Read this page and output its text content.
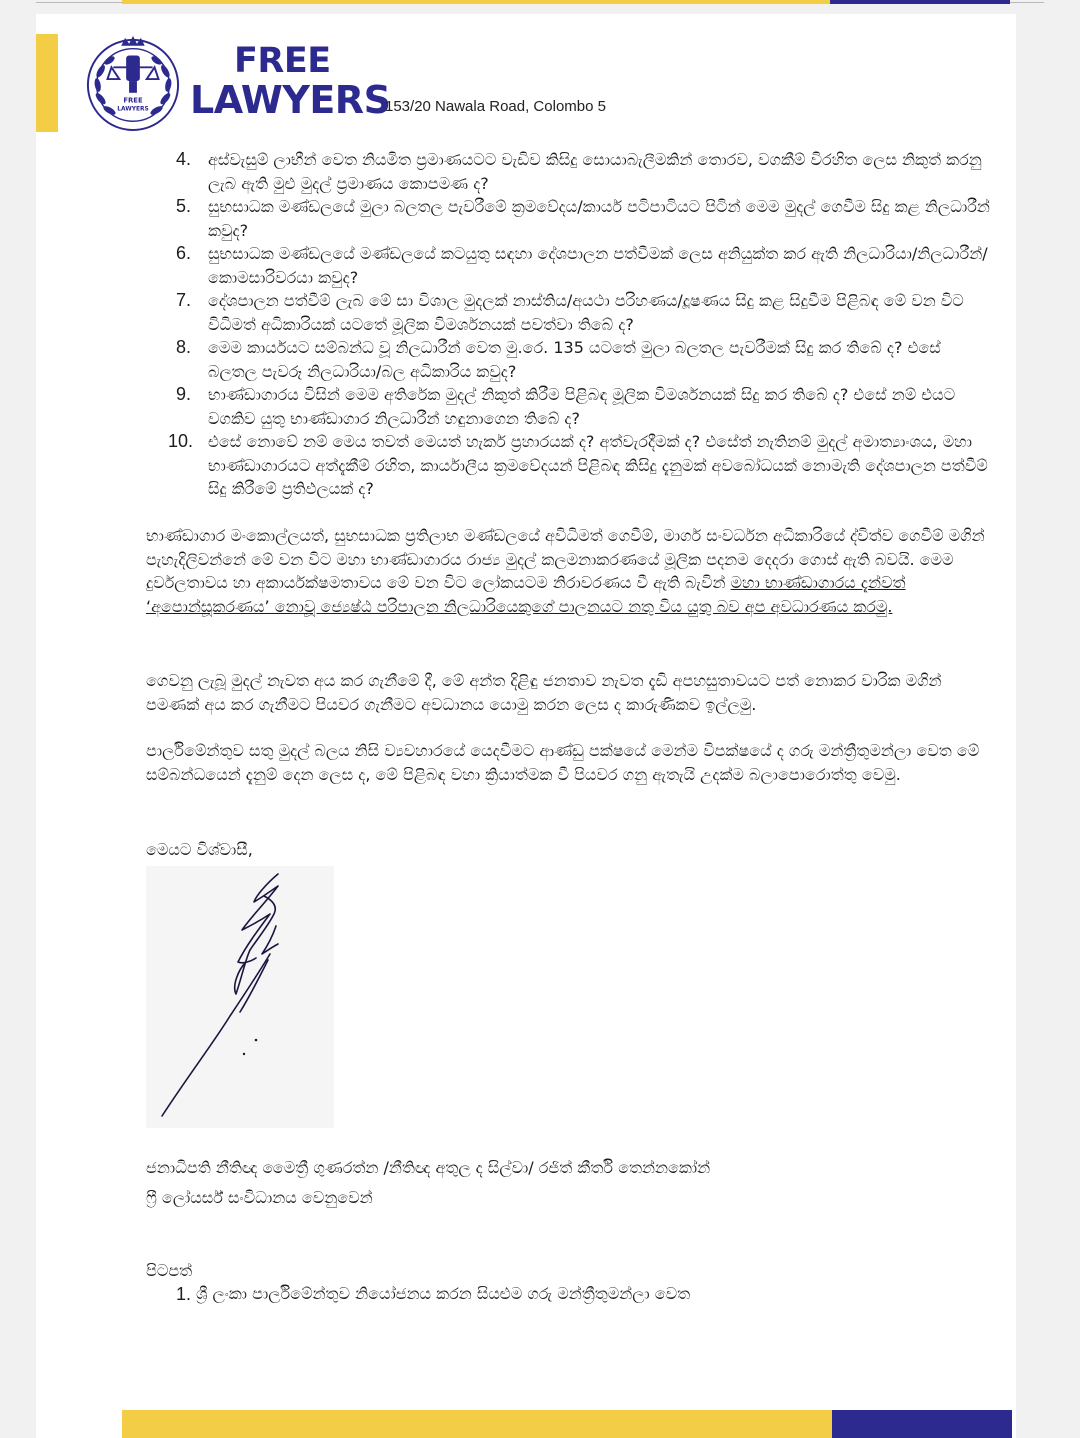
FREE
LAWYERS
FREE
LAWYERS
153/20 Nawala Road, Colombo 5
4. අස්වැසුම් ලාභීන් වෙත නියමිත ප්‍රමාණයටට වැඩිව කිසිදු සොයාබැලීමකින් තොරව, වගකීම් විරහිත ලෙස නිකුත් කරනු ලැබ ඇති මුළු මුදල් ප්‍රමාණය කොපමණ ද?
5. සුභසාධක මණ්ඩලයේ මුලා බලතල පැවරීමේ ක්‍රමවේදය/කාර්ය පටිපාටියට පිටින් මෙම මුදල් ගෙවීම සිදු කළ නිලධාරීන් කවුද?
6. සුභසාධක මණ්ඩලයේ මණ්ඩලයේ කටයුතු සඳහා දේශපාලන පත්වීමක් ලෙස අනියුක්ත කර ඇති නිලධාරියා/නිලධාරීන්/කොමසාරිවරයා කවුද?
7. දේශපාලන පත්වීම් ලැබ මේ සා විශාල මුදලක් නාස්තිය/අයථා පරිහණය/දූෂණය සිදු කළ සිදුවීම පිළිබඳ මේ වන විට විධිමත් අධිකාරියක් යටතේ මූලික විමර්ශනයක් පවත්වා තිබේ ද?
8. මෙම කාර්යයට සම්බන්ධ වූ නිලධාරීන් වෙත මු.රෙ. 135 යටතේ මුලා බලතල පැවරීමක් සිදු කර තිබේ ද? එසේ බලතල පැවරූ නිලධාරියා/බල අධිකාරිය කවුද?
9. භාණ්ඩාගාරය විසින් මෙම අතිරේක මුදල් නිකුත් කිරීම පිළිබඳ මූලික විමර්ශනයක් සිදු කර තිබේ ද? එසේ නම් එයට වගකිව යුතු භාණ්ඩාගාර නිලධාරීන් හඳුනාගෙන තිබේ ද?
10. එසේ නොවේ නම් මෙය තවත් මෙයත් හැකර් ප්‍රහාරයක් ද? අත්වැරදීමක් ද? එසේත් නැතිනම් මුදල් අමාත්‍යාංශය, මහා භාණ්ඩාගාරයට අත්දැකීම් රහිත, කාර්යාලීය ක්‍රමවේදයන් පිළිබඳ කිසිදු දැනුමක් අවබෝධයක් නොමැති දේශපාලන පත්වීම් සිදු කිරීමේ ප්‍රතිඵලයක් ද?

භාණ්ඩාගාර මංකොල්ලයත්, සුභසාධක ප්‍රතිලාභ මණ්ඩලයේ අවිධිමත් ගෙවීම්, මාර්ග සංවර්ධන අධිකාරියේ ද්විත්ව ගෙවීම් මගින් පැහැදිලිවන්නේ මේ වන විට මහා භාණ්ඩාගාරය රාජ්‍ය මුදල් කලමනාකරණයේ මූලික පදනම දෙදරා ගොස් ඇති බවයි. මෙම දුර්වලතාවය හා අකාර්යක්ෂමතාවය මේ වන විට ලෝකයටම නිරාවරණය වී ඇති බැවින් මහා භාණ්ඩාගාරය දැන්වත් ‘අපොන්සූකරණය’ නොවූ ජ්‍යෙෂ්ඨ පරිපාලන නිලධාරියෙකුගේ පාලනයට නතු විය යුතු බව අප අවධාරණය කරමු.

ගෙවනු ලැබූ මුදල් නැවත අය කර ගැනීමේ දී, මේ අන්ත දිළිඳු ජනතාව නැවත දැඩි අපහසුතාවයට පත් නොකර වාරික මගින් පමණක් අය කර ගැනීමට පියවර ගැනීමට අවධානය යොමු කරන ලෙස ද කාරුණිකව ඉල්ලමු.

පාර්ලිමේන්තුව සතු මුදල් බලය නිසි ව්‍යවහාරයේ යෙදවීමට ආණ්ඩු පක්ෂයේ මෙන්ම විපක්ෂයේ ද ගරු මන්ත්‍රීතුමන්ලා වෙත මේ සම්බන්ධයෙන් දැනුම් දෙන ලෙස ද, මේ පිළිබඳ වහා ක්‍රියාත්මක වී පියවර ගනු ඇතැයි උදක්ම බලාපොරොත්තු වෙමු.

මෙයට විශ්වාසී,
ජනාධිපති නීතිඥ මෛත්‍රී ගුණරත්න /නීතිඥ අතුල ද සිල්වා/ රජිත් කීර්ති තෙන්නකෝන්
ෆ්‍රී ලෝයර්ස් සංවිධානය වෙනුවෙන්
පිටපත්
1. ශ්‍රී ලංකා පාර්ලිමේන්තුව නියෝජනය කරන සියළුම ගරු මන්ත්‍රීතුමන්ලා වෙත
